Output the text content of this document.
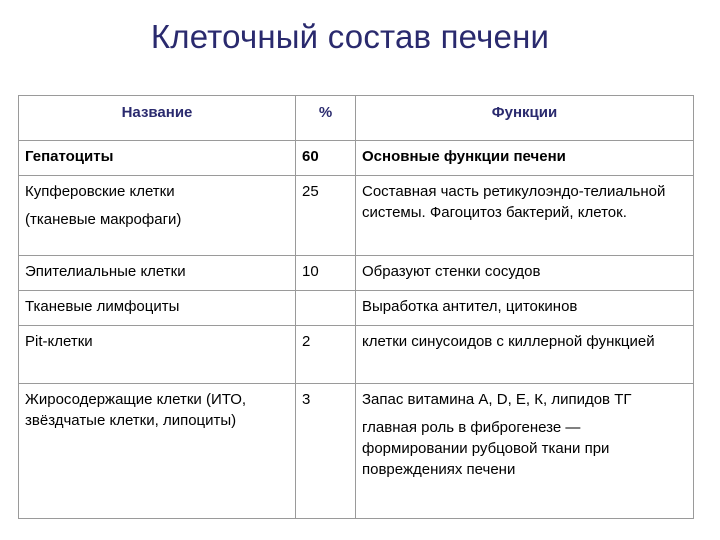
Клеточный состав печени
Название	%	Функции

Гепатоциты	60	Основные функции печени

Купферовские клетки

(тканевые макрофаги)	25	Составная часть ретикулоэндо-телиальной системы. Фагоцитоз бактерий, клеток.

Эпителиальные клетки	10	Образуют стенки сосудов

Тканевые лимфоциты		Выработка антител, цитокинов

Pit-клетки	2	клетки синусоидов с киллерной функцией

Жиросодержащие клетки (ИТО, звёздчатые клетки, липоциты)	3	Запас витамина А, D, Е, К, липидов ТГ

главная роль в фиброгенезе — формировании рубцовой ткани при повреждениях печени
